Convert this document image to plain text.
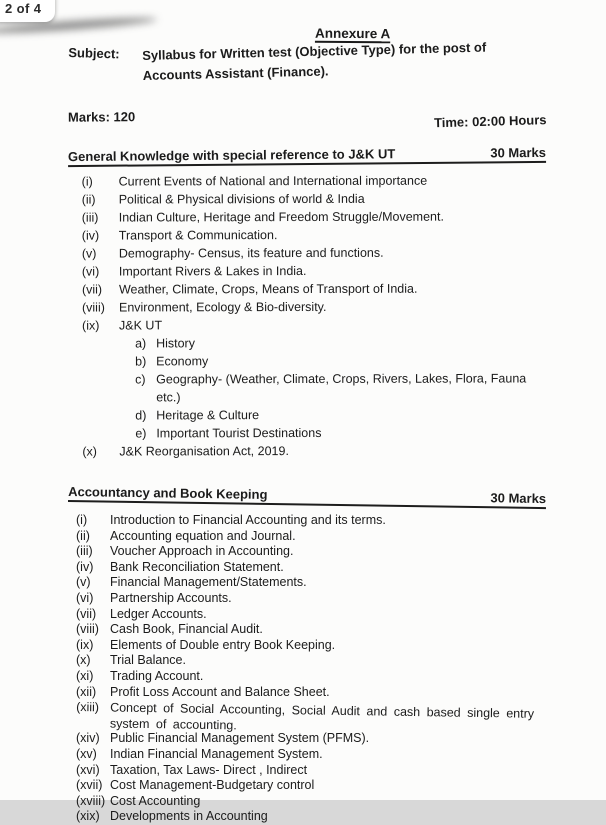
2 of 4
Annexure A
Subject:	Syllabus for Written test (Objective Type) for the post of Accounts Assistant (Finance).
Marks: 120	Time: 02:00 Hours
General Knowledge with special reference to J&K UT	30 Marks
(i)	Current Events of National and International importance
(ii)	Political & Physical divisions of world & India
(iii)	Indian Culture, Heritage and Freedom Struggle/Movement.
(iv)	Transport & Communication.
(v)	Demography- Census, its feature and functions.
(vi)	Important Rivers & Lakes in India.
(vii)	Weather, Climate, Crops, Means of Transport of India.
(viii)	Environment, Ecology & Bio-diversity.
(ix)	J&K UT
a) History
b) Economy
c) Geography- (Weather, Climate, Crops, Rivers, Lakes, Flora, Fauna etc.)
d) Heritage & Culture
e) Important Tourist Destinations
(x)	J&K Reorganisation Act, 2019.
Accountancy and Book Keeping	30 Marks
(i)	Introduction to Financial Accounting and its terms.
(ii)	Accounting equation and Journal.
(iii)	Voucher Approach in Accounting.
(iv)	Bank Reconciliation Statement.
(v)	Financial Management/Statements.
(vi)	Partnership Accounts.
(vii)	Ledger Accounts.
(viii) Cash Book, Financial Audit.
(ix)	Elements of Double entry Book Keeping.
(x)	Trial Balance.
(xi)	Trading Account.
(xii)	Profit Loss Account and Balance Sheet.
(xiii) Concept of Social Accounting, Social Audit and cash based single entry system of accounting.
(xiv) Public Financial Management System (PFMS).
(xv)	Indian Financial Management System.
(xvi) Taxation, Tax Laws- Direct , Indirect
(xvii) Cost Management-Budgetary control
(xviii) Cost Accounting
(xix) Developments in Accounting
